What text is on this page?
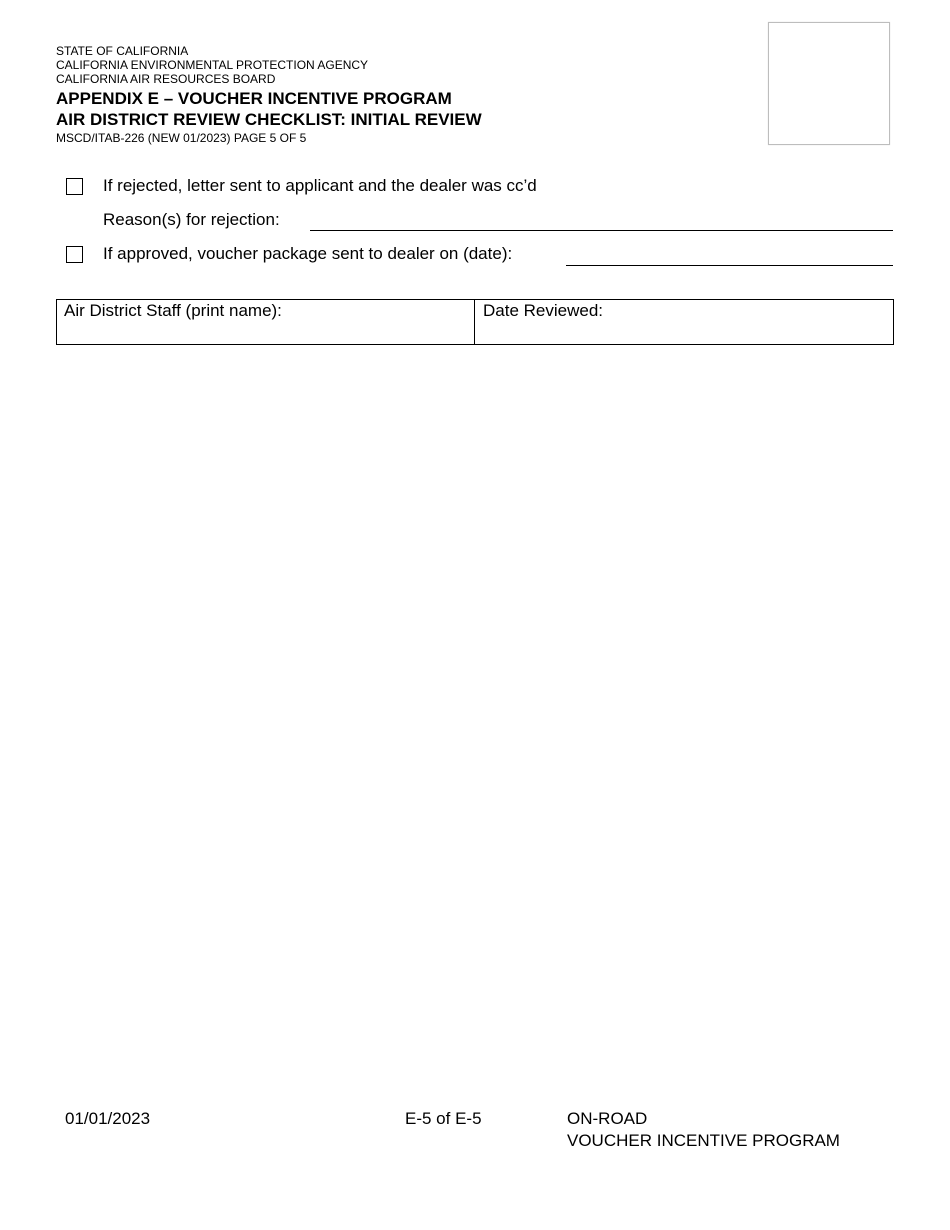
STATE OF CALIFORNIA
CALIFORNIA ENVIRONMENTAL PROTECTION AGENCY
CALIFORNIA AIR RESOURCES BOARD
APPENDIX E – VOUCHER INCENTIVE PROGRAM
AIR DISTRICT REVIEW CHECKLIST: INITIAL REVIEW
MSCD/ITAB-226 (NEW 01/2023) PAGE 5 OF 5
If rejected, letter sent to applicant and the dealer was cc’d
Reason(s) for rejection:
If approved, voucher package sent to dealer on (date):
Air District Staff (print name):	Date Reviewed:
01/01/2023	E-5 of E-5	ON-ROAD
VOUCHER INCENTIVE PROGRAM
